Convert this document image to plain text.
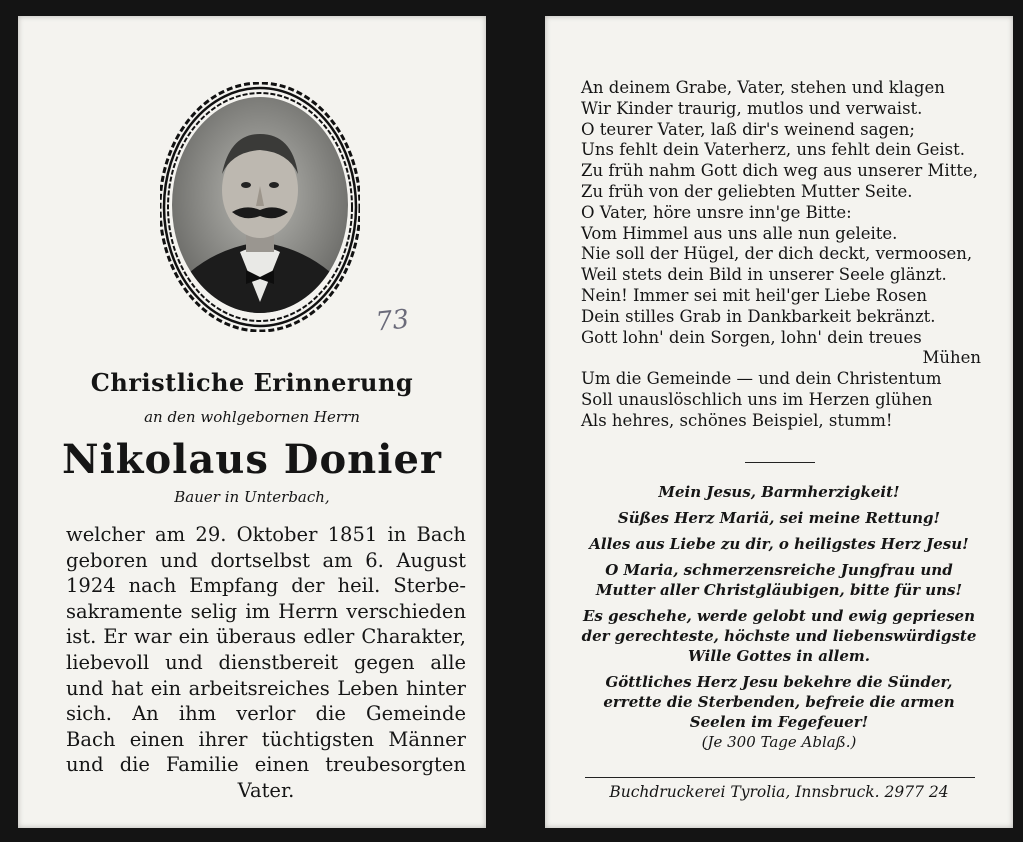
73
Christliche Erinnerung
an den wohlgebornen Herrn
Nikolaus Donier
Bauer in Unterbach,
welcher am 29. Oktober 1851 in Bach
geboren und dortselbst am 6. August
1924 nach Empfang der heil. Sterbe-
sakramente selig im Herrn verschieden
ist. Er war ein überaus edler Charakter,
liebevoll und dienstbereit gegen alle
und hat ein arbeitsreiches Leben hinter
sich. An ihm verlor die Gemeinde
Bach einen ihrer tüchtigsten Männer
und die Familie einen treubesorgten
Vater.
An deinem Grabe, Vater, stehen und klagen
Wir Kinder traurig, mutlos und verwaist.
O teurer Vater, laß dir's weinend sagen;
Uns fehlt dein Vaterherz, uns fehlt dein Geist.
Zu früh nahm Gott dich weg aus unserer Mitte,
Zu früh von der geliebten Mutter Seite.
O Vater, höre unsre inn'ge Bitte:
Vom Himmel aus uns alle nun geleite.
Nie soll der Hügel, der dich deckt, vermoosen,
Weil stets dein Bild in unserer Seele glänzt.
Nein! Immer sei mit heil'ger Liebe Rosen
Dein stilles Grab in Dankbarkeit bekränzt.
Gott lohn' dein Sorgen, lohn' dein treues
Mühen
Um die Gemeinde — und dein Christentum
Soll unauslöschlich uns im Herzen glühen
Als hehres, schönes Beispiel, stumm!
Mein Jesus, Barmherzigkeit!
Süßes Herz Mariä, sei meine Rettung!
Alles aus Liebe zu dir, o heiligstes Herz Jesu!
O Maria, schmerzensreiche Jungfrau und
Mutter aller Christgläubigen, bitte für uns!
Es geschehe, werde gelobt und ewig gepriesen
der gerechteste, höchste und liebenswürdigste
Wille Gottes in allem.
Göttliches Herz Jesu bekehre die Sünder,
errette die Sterbenden, befreie die armen
Seelen im Fegefeuer!
(Je 300 Tage Ablaß.)
Buchdruckerei Tyrolia, Innsbruck. 2977 24
